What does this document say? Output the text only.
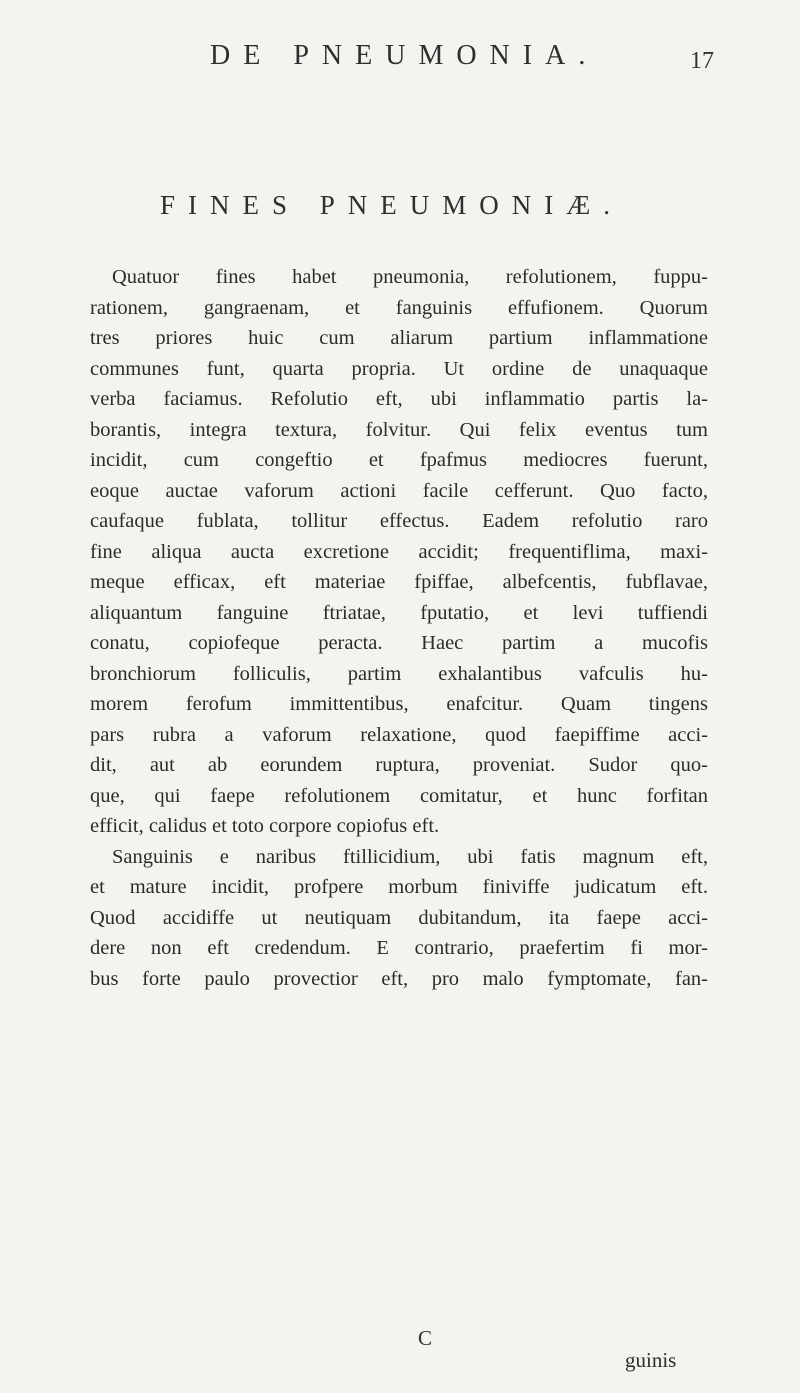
DE PNEUMONIA.	17
FINES PNEUMONIÆ.
Quatuor fines habet pneumonia, refolutionem, fuppu-
rationem, gangraenam, et fanguinis effufionem. Quorum
tres priores huic cum aliarum partium inflammatione
communes funt, quarta propria. Ut ordine de unaquaque
verba faciamus. Refolutio eft, ubi inflammatio partis la-
borantis, integra textura, folvitur. Qui felix eventus tum
incidit, cum congeftio et fpafmus mediocres fuerunt,
eoque auctae vaforum actioni facile cefferunt. Quo facto,
caufaque fublata, tollitur effectus. Eadem refolutio raro
fine aliqua aucta excretione accidit; frequentiflima, maxi-
meque efficax, eft materiae fpiffae, albefcentis, fubflavae,
aliquantum fanguine ftriatae, fputatio, et levi tuffiendi
conatu, copiofeque peracta. Haec partim a mucofis
bronchiorum folliculis, partim exhalantibus vafculis hu-
morem ferofum immittentibus, enafcitur. Quam tingens
pars rubra a vaforum relaxatione, quod faepiffime acci-
dit, aut ab eorundem ruptura, proveniat. Sudor quo-
que, qui faepe refolutionem comitatur, et hunc forfitan
efficit, calidus et toto corpore copiofus eft.
Sanguinis e naribus ftillicidium, ubi fatis magnum eft,
et mature incidit, profpere morbum finiviffe judicatum eft.
Quod accidiffe ut neutiquam dubitandum, ita faepe acci-
dere non eft credendum. E contrario, praefertim fi mor-
bus forte paulo provectior eft, pro malo fymptomate, fan-
C
guinis
